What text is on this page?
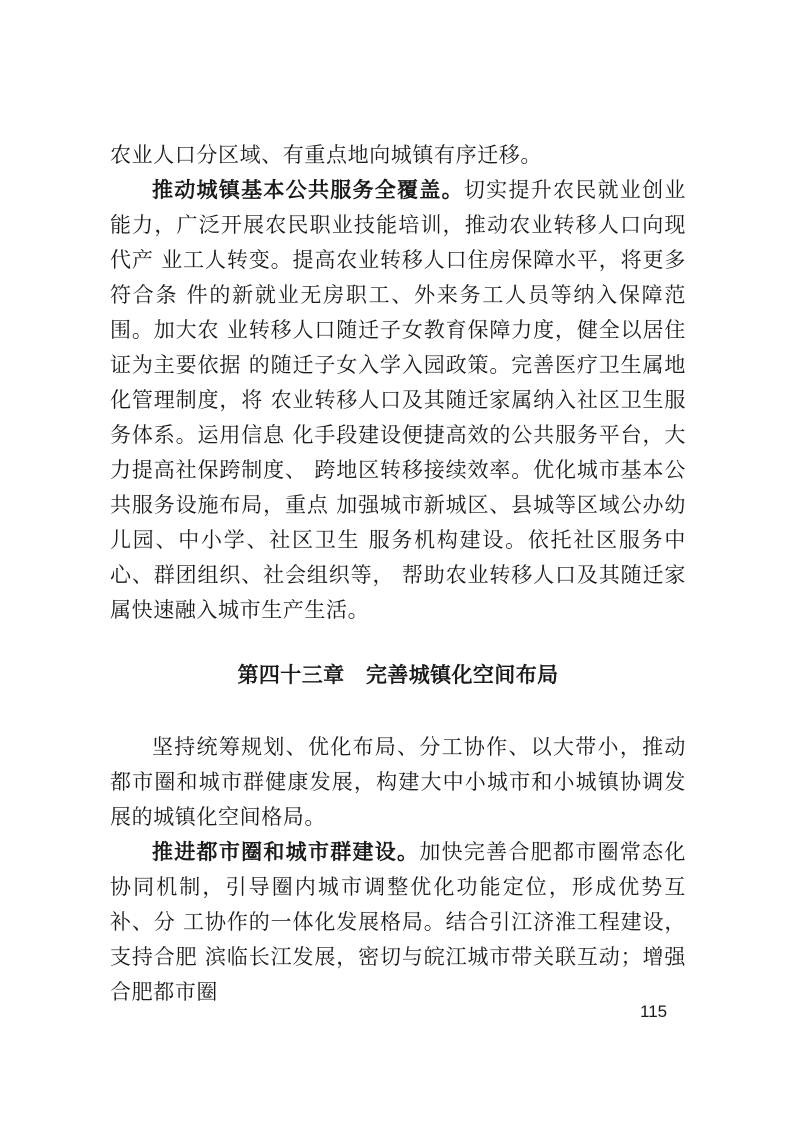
农业人口分区域、有重点地向城镇有序迁移。

推动城镇基本公共服务全覆盖。切实提升农民就业创业能力，广泛开展农民职业技能培训，推动农业转移人口向现代产 业工人转变。提高农业转移人口住房保障水平，将更多符合条 件的新就业无房职工、外来务工人员等纳入保障范围。加大农 业转移人口随迁子女教育保障力度，健全以居住证为主要依据 的随迁子女入学入园政策。完善医疗卫生属地化管理制度，将 农业转移人口及其随迁家属纳入社区卫生服务体系。运用信息 化手段建设便捷高效的公共服务平台，大力提高社保跨制度、 跨地区转移接续效率。优化城市基本公共服务设施布局，重点 加强城市新城区、县城等区域公办幼儿园、中小学、社区卫生 服务机构建设。依托社区服务中心、群团组织、社会组织等， 帮助农业转移人口及其随迁家属快速融入城市生产生活。

第四十三章　完善城镇化空间布局

坚持统筹规划、优化布局、分工协作、以大带小，推动都市圈和城市群健康发展，构建大中小城市和小城镇协调发展的城镇化空间格局。

推进都市圈和城市群建设。加快完善合肥都市圈常态化协同机制，引导圈内城市调整优化功能定位，形成优势互补、分 工协作的一体化发展格局。结合引江济淮工程建设，支持合肥 滨临长江发展，密切与皖江城市带关联互动；增强合肥都市圈

115
